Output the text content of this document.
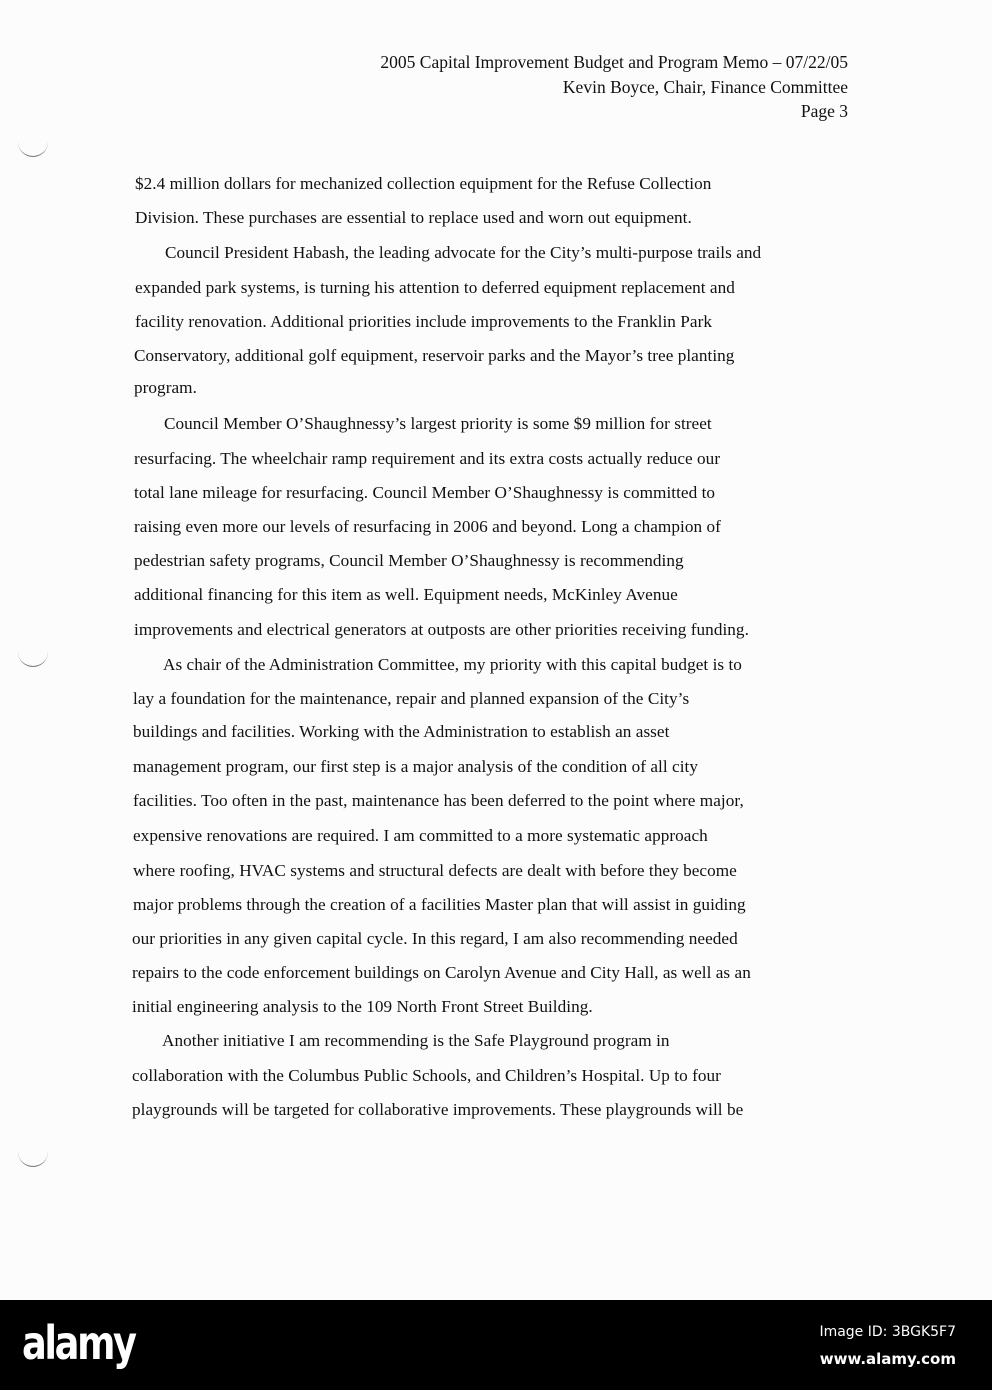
2005 Capital Improvement Budget and Program Memo – 07/22/05
Kevin Boyce, Chair, Finance Committee
Page 3
$2.4 million dollars for mechanized collection equipment for the Refuse Collection
Division. These purchases are essential to replace used and worn out equipment.
Council President Habash, the leading advocate for the City’s multi-purpose trails and
expanded park systems, is turning his attention to deferred equipment replacement and
facility renovation. Additional priorities include improvements to the Franklin Park
Conservatory, additional golf equipment, reservoir parks and the Mayor’s tree planting
program.
Council Member O’Shaughnessy’s largest priority is some $9 million for street
resurfacing. The wheelchair ramp requirement and its extra costs actually reduce our
total lane mileage for resurfacing. Council Member O’Shaughnessy is committed to
raising even more our levels of resurfacing in 2006 and beyond. Long a champion of
pedestrian safety programs, Council Member O’Shaughnessy is recommending
additional financing for this item as well. Equipment needs, McKinley Avenue
improvements and electrical generators at outposts are other priorities receiving funding.
As chair of the Administration Committee, my priority with this capital budget is to
lay a foundation for the maintenance, repair and planned expansion of the City’s
buildings and facilities. Working with the Administration to establish an asset
management program, our first step is a major analysis of the condition of all city
facilities. Too often in the past, maintenance has been deferred to the point where major,
expensive renovations are required. I am committed to a more systematic approach
where roofing, HVAC systems and structural defects are dealt with before they become
major problems through the creation of a facilities Master plan that will assist in guiding
our priorities in any given capital cycle. In this regard, I am also recommending needed
repairs to the code enforcement buildings on Carolyn Avenue and City Hall, as well as an
initial engineering analysis to the 109 North Front Street Building.
Another initiative I am recommending is the Safe Playground program in
collaboration with the Columbus Public Schools, and Children’s Hospital. Up to four
playgrounds will be targeted for collaborative improvements. These playgrounds will be
alamy	Image ID: 3BGK5F7
www.alamy.com
